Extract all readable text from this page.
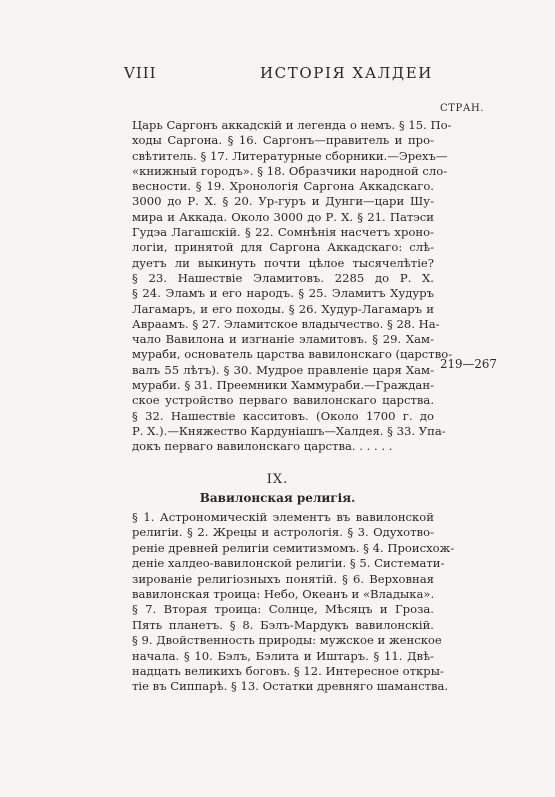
VIII	ИСТОРІЯ ХАЛДЕИ
СТРАН.
Царь Саргонъ аккадскій и легенда о немъ. § 15. По-
ходы Саргона. § 16. Саргонъ—правитель и про-
свѣтитель. § 17. Литературные сборники.—Эрехъ—
«книжный городъ». § 18. Образчики народной сло-
весности. § 19. Хронологія Саргона Аккадскаго.
3000 до Р. Х. § 20. Ур-гуръ и Дунги—цари Шу-
мира и Аккада. Около 3000 до Р. Х. § 21. Патэси
Гудэа Лагашскій. § 22. Сомнѣнія насчетъ хроно-
логіи, принятой для Саргона Аккадскаго: слѣ-
дуетъ ли выкинуть почти цѣлое тысячелѣтіе?
§ 23. Нашествіе Эламитовъ. 2285 до Р. Х.
§ 24. Эламъ и его народъ. § 25. Эламитъ Худуръ
Лагамаръ, и его походы. § 26. Худур-Лагамаръ и
Авраамъ. § 27. Эламитское владычество. § 28. На-
чало Вавилона и изгнаніе эламитовъ. § 29. Хам-
мураби, основатель царства вавилонскаго (царство-
валъ 55 лѣтъ). § 30. Мудрое правленіе царя Хам-
мураби. § 31. Преемники Хаммураби.—Граждан-
ское устройство перваго вавилонскаго царства.
§ 32. Нашествіе касситовъ. (Около 1700 г. до
Р. Х.).—Княжество Кардуніашъ—Халдея. § 33. Упа-
докъ перваго вавилонскаго царства. . . . . .
219—267
IX.
Вавилонская религія.
§ 1. Астрономическій элементъ въ вавилонской
религіи. § 2. Жрецы и астрологія. § 3. Одухотво-
реніе древней религіи семитизмомъ. § 4. Происхож-
деніе халдео-вавилонской религіи. § 5. Системати-
зированіе религіозныхъ понятій. § 6. Верховная
вавилонская троица: Небо, Океанъ и «Владыка».
§ 7. Вторая троица: Солнце, Мѣсяцъ и Гроза.
Пять планетъ. § 8. Бэлъ-Мардукъ вавилонскій.
§ 9. Двойственность природы: мужское и женское
начала. § 10. Бэлъ, Бэлита и Иштаръ. § 11. Двѣ-
надцать великихъ боговъ. § 12. Интересное откры-
тіе въ Сиппарѣ. § 13. Остатки древняго шаманства.
